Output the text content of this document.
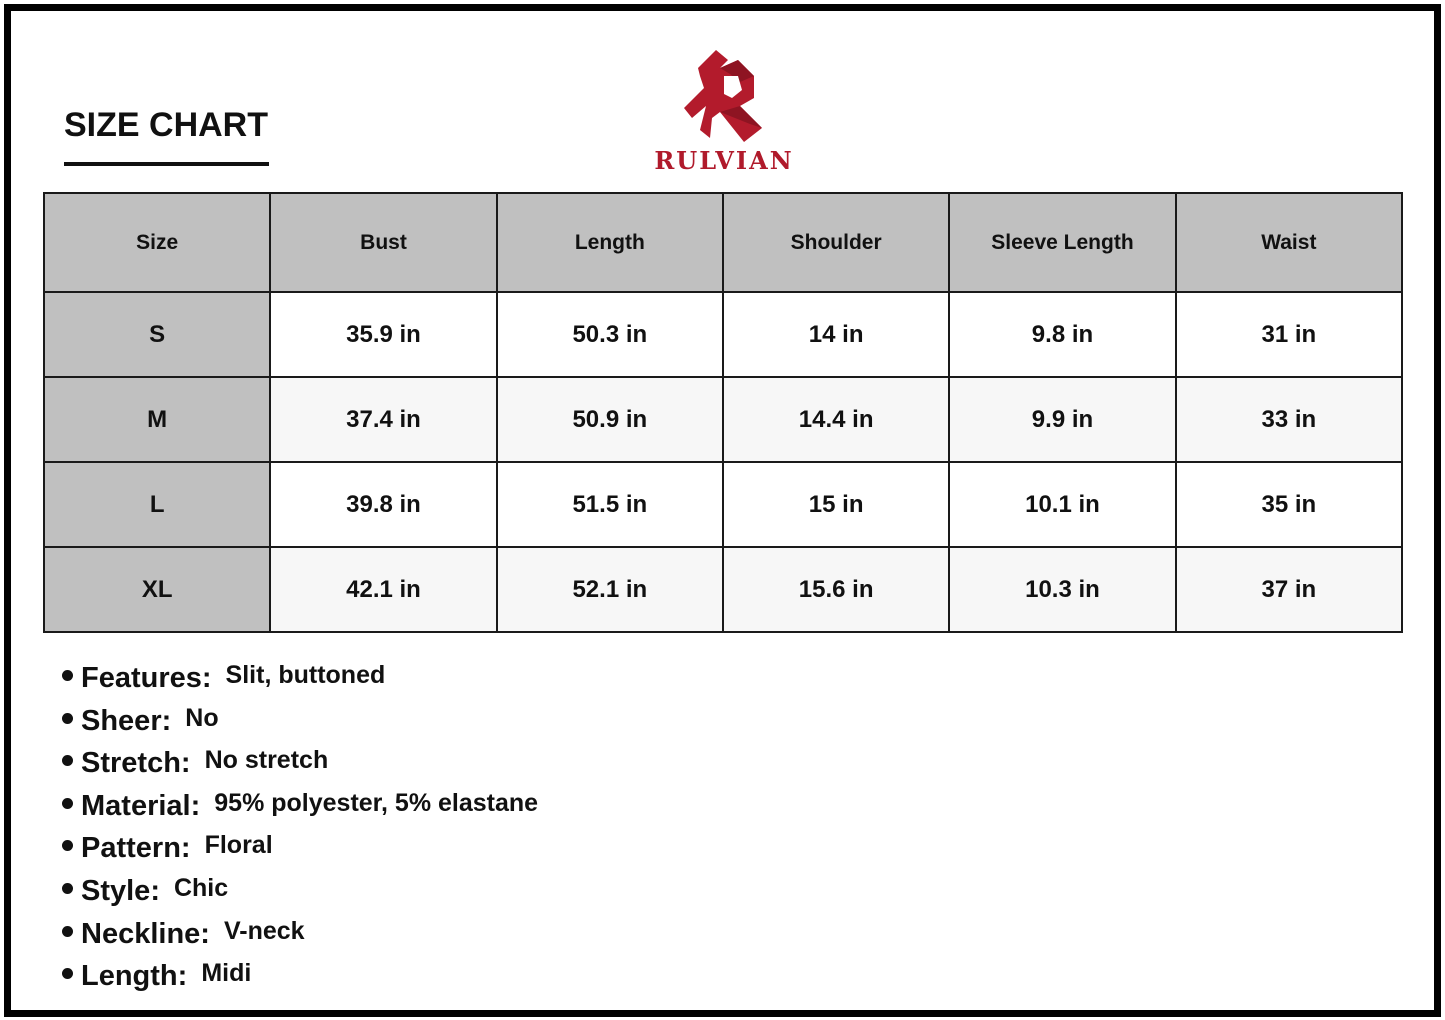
SIZE CHART
RULVIAN
Size	Bust	Length	Shoulder	Sleeve Length	Waist
S	35.9 in	50.3 in	14 in	9.8 in	31 in
M	37.4 in	50.9 in	14.4 in	9.9 in	33 in
L	39.8 in	51.5 in	15 in	10.1 in	35 in
XL	42.1 in	52.1 in	15.6 in	10.3 in	37 in
Features: Slit, buttoned
Sheer: No
Stretch: No stretch
Material: 95% polyester, 5% elastane
Pattern: Floral
Style: Chic
Neckline: V-neck
Length: Midi
